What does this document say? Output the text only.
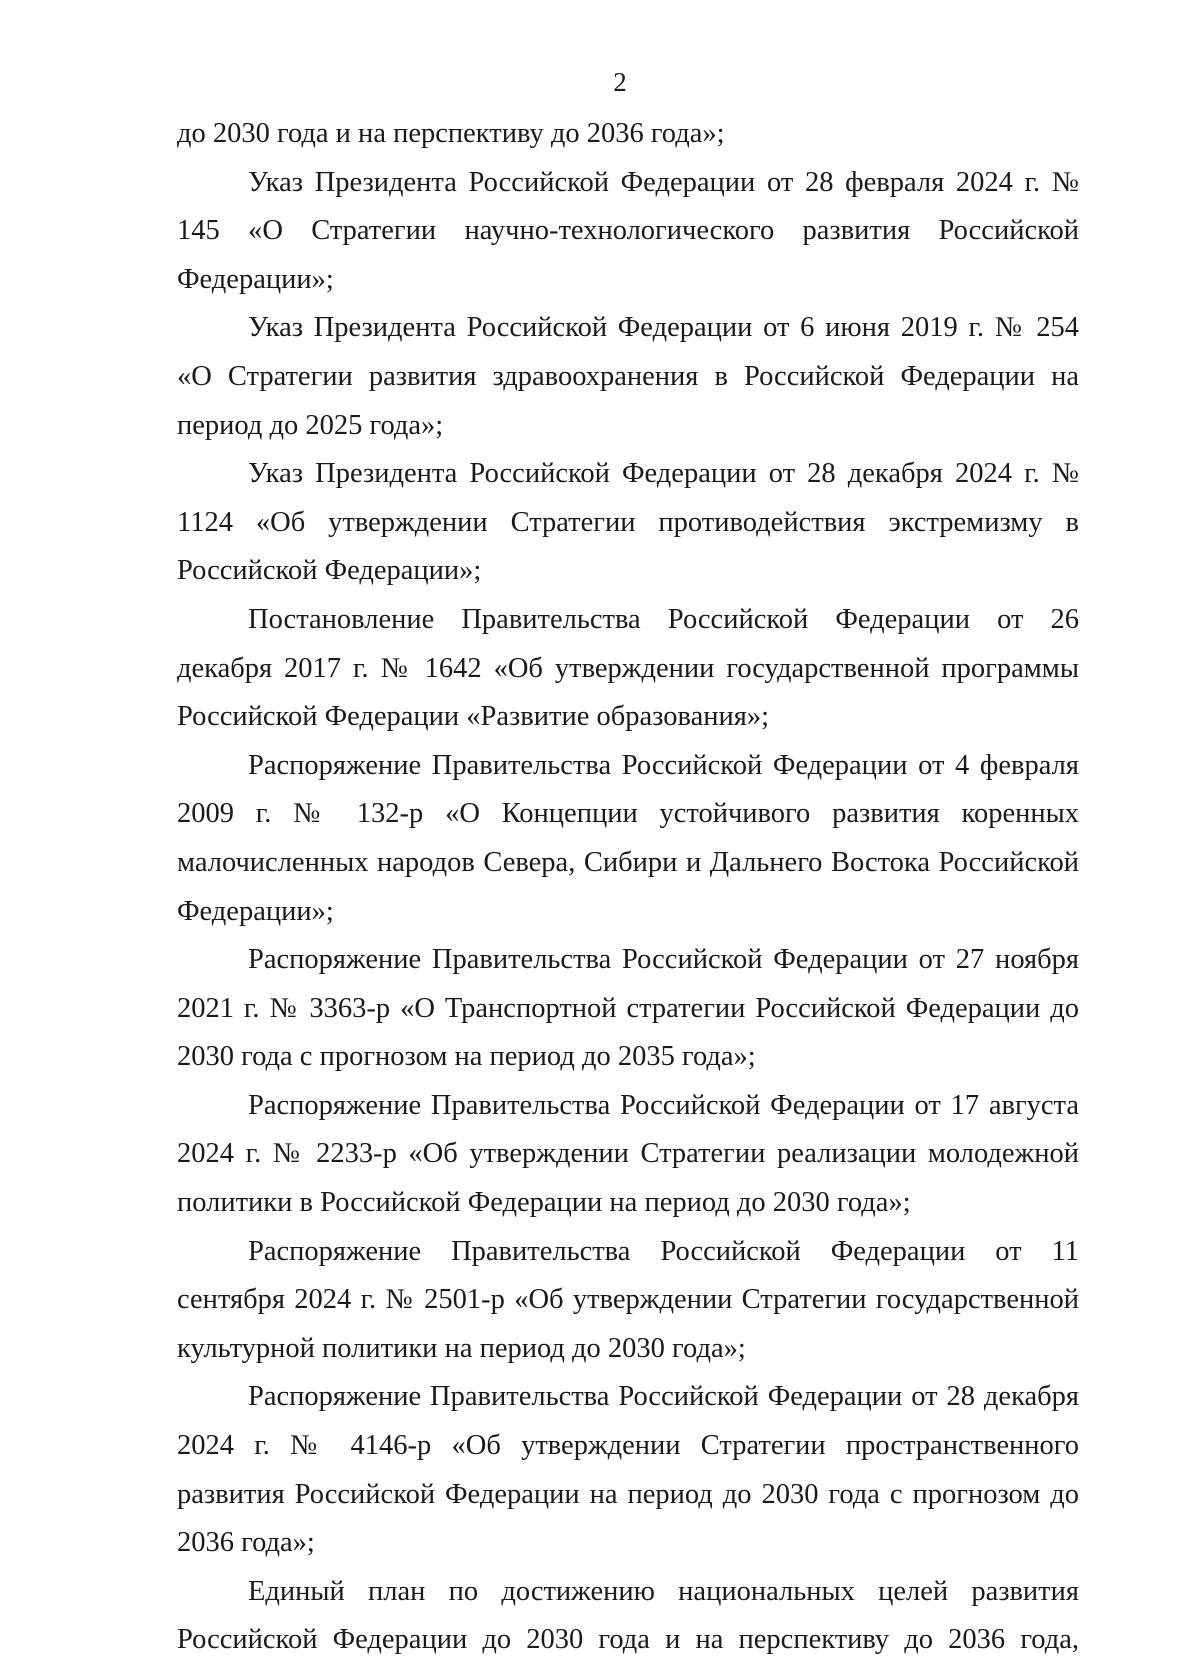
2

до 2030 года и на перспективу до 2036 года»;

Указ Президента Российской Федерации от 28 февраля 2024 г. № 145 «О Стратегии научно-технологического развития Российской Федерации»;

Указ Президента Российской Федерации от 6 июня 2019 г. № 254 «О Стратегии развития здравоохранения в Российской Федерации на период до 2025 года»;

Указ Президента Российской Федерации от 28 декабря 2024 г. № 1124 «Об утверждении Стратегии противодействия экстремизму в Российской Федерации»;

Постановление Правительства Российской Федерации от 26 декабря 2017 г. № 1642 «Об утверждении государственной программы Российской Федерации «Развитие образования»;

Распоряжение Правительства Российской Федерации от 4 февраля 2009 г. № 132-р «О Концепции устойчивого развития коренных малочисленных народов Севера, Сибири и Дальнего Востока Российской Федерации»;

Распоряжение Правительства Российской Федерации от 27 ноября 2021 г. № 3363-р «О Транспортной стратегии Российской Федерации до 2030 года с прогнозом на период до 2035 года»;

Распоряжение Правительства Российской Федерации от 17 августа 2024 г. № 2233-р «Об утверждении Стратегии реализации молодежной политики в Российской Федерации на период до 2030 года»;

Распоряжение Правительства Российской Федерации от 11 сентября 2024 г. № 2501-р «Об утверждении Стратегии государственной культурной политики на период до 2030 года»;

Распоряжение Правительства Российской Федерации от 28 декабря 2024 г. № 4146-р «Об утверждении Стратегии пространственного развития Российской Федерации на период до 2030 года с прогнозом до 2036 года»;

Единый план по достижению национальных целей развития Российской Федерации до 2030 года и на перспективу до 2036 года,
